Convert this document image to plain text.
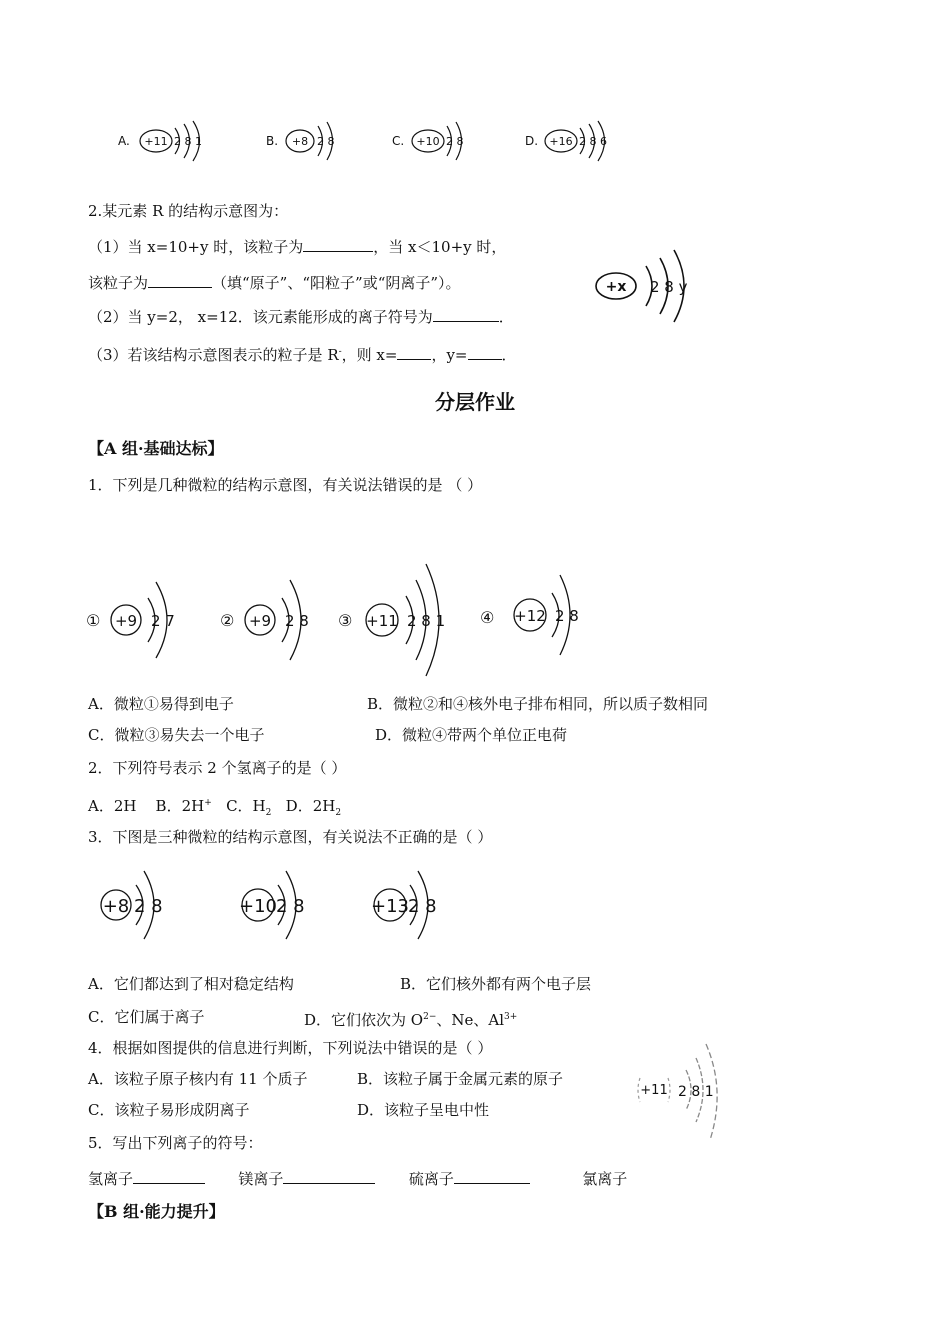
A. +11 2 8 1	B. +8 2 8	C. +10 2 8	D. +16 2 8 6
2.某元素 R 的结构示意图为：
（1）当 x=10+y 时，该粒子为	，当 x＜10+y 时，
该粒子为	（填“原子”、“阳粒子”或“阴离子”）。
（2）当 y=2， x=12．该元素能形成的离子符号为	．
（3）若该结构示意图表示的粒子是 R-，则 x= ，y= ．
+x 2 8 y
分层作业
【A 组·基础达标】
1．下列是几种微粒的结构示意图，有关说法错误的是 （ ）
① +9 2 7	② +9 2 8 ③ +11 2 8 1 ④ +12 2 8
A．微粒①易得到电子	B．微粒②和④核外电子排布相同，所以质子数相同
C．微粒③易失去一个电子	D．微粒④带两个单位正电荷
2．下列符号表示 2 个氢离子的是（ ）
A．2H B．2H+ C．$H_2$ D．$2H_2$
3．下图是三种微粒的结构示意图，有关说法不正确的是（ ）
+8 2 8	+10 2 8	+13 2 8
A．它们都达到了相对稳定结构	B．它们核外都有两个电子层
C．它们属于离子	D．它们依次为 $O^{2-}$、Ne、$Al^{3+}$
4．根据如图提供的信息进行判断，下列说法中错误的是（ ）
A．该粒子原子核内有 11 个质子	B．该粒子属于金属元素的原子
C．该粒子易形成阴离子	D．该粒子呈电中性
+11 2 8 1
5．写出下列离子的符号：
氢离子	镁离子	硫离子	氯离子
【B 组·能力提升】
